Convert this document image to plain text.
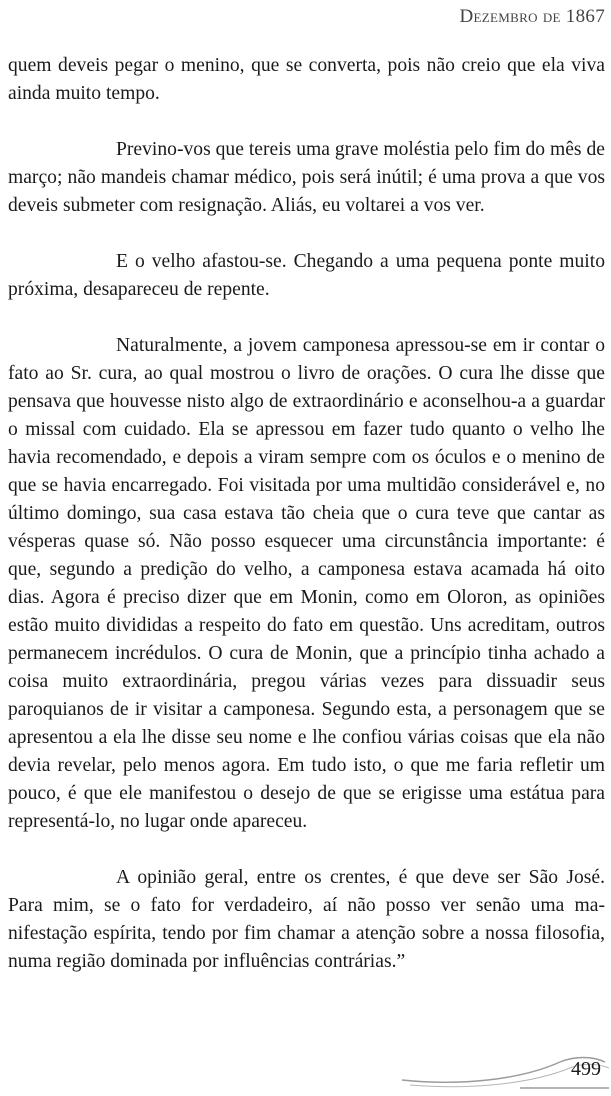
Dezembro de 1867

quem deveis pegar o menino, que se converta, pois não creio que ela viva ainda muito tempo.

Previno-vos que tereis uma grave moléstia pelo fim do mês de março; não mandeis chamar médico, pois será inútil; é uma prova a que vos deveis submeter com resignação. Aliás, eu voltarei a vos ver.

E o velho afastou-se. Chegando a uma pequena ponte muito próxima, desapareceu de repente.

Naturalmente, a jovem camponesa apressou-se em ir contar o fato ao Sr. cura, ao qual mostrou o livro de orações. O cura lhe disse que pensava que houvesse nisto algo de extraordinário e aconselhou-a a guardar o missal com cuidado. Ela se apressou em fazer tudo quanto o velho lhe havia recomendado, e depois a viram sempre com os óculos e o menino de que se havia encarregado. Foi visitada por uma multidão considerável e, no último domingo, sua casa estava tão cheia que o cura teve que cantar as vésperas quase só. Não posso esquecer uma circunstância importante: é que, segundo a predição do velho, a camponesa estava acamada há oito dias. Agora é preciso dizer que em Monin, como em Oloron, as opiniões estão muito divididas a respeito do fato em questão. Uns acreditam, outros permanecem incrédulos. O cura de Monin, que a princípio tinha achado a coisa muito extraordinária, pregou várias vezes para dissuadir seus paroquianos de ir visitar a camponesa. Segundo esta, a personagem que se apresentou a ela lhe disse seu nome e lhe confiou várias coisas que ela não devia revelar, pelo menos agora. Em tudo isto, o que me faria refletir um pouco, é que ele manifestou o desejo de que se erigisse uma estátua para representá-lo, no lugar onde apareceu.

A opinião geral, entre os crentes, é que deve ser São José. Para mim, se o fato for verdadeiro, aí não posso ver senão uma manifestação espírita, tendo por fim chamar a atenção sobre a nossa filosofia, numa região dominada por influências contrárias.”

499
